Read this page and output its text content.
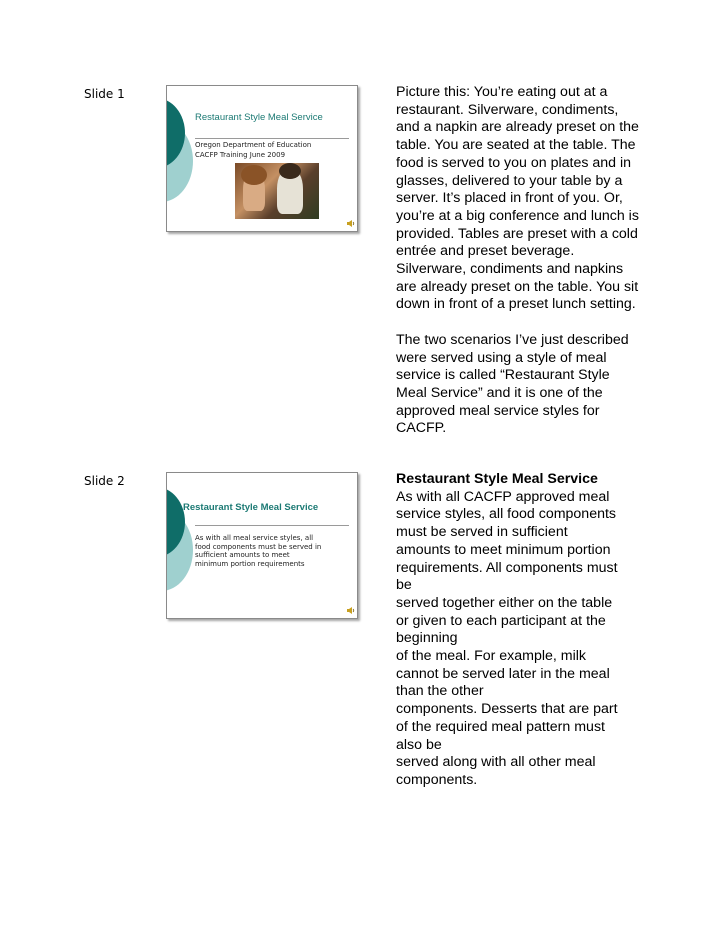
Slide 1
Restaurant Style Meal Service
Oregon Department of Education
CACFP Training June 2009

Picture this: You’re eating out at a restaurant. Silverware, condiments, and a napkin are already preset on the table. You are seated at the table. The food is served to you on plates and in glasses, delivered to your table by a server. It’s placed in front of you. Or, you’re at a big conference and lunch is provided. Tables are preset with a cold entrée and preset beverage. Silverware, condiments and napkins are already preset on the table. You sit down in front of a preset lunch setting.

The two scenarios I’ve just described were served using a style of meal service is called “Restaurant Style Meal Service” and it is one of the approved meal service styles for CACFP.

Slide 2
Restaurant Style Meal Service
As with all meal service styles, all
food components must be served in
sufficient amounts to meet
minimum portion requirements

Restaurant Style Meal Service

As with all CACFP approved meal

service styles, all food components

must be served in sufficient

amounts to meet minimum portion

requirements. All components must

be

served together either on the table

or given to each participant at the

beginning

of the meal. For example, milk

cannot be served later in the meal

than the other

components. Desserts that are part

of the required meal pattern must

also be

served along with all other meal

components.
